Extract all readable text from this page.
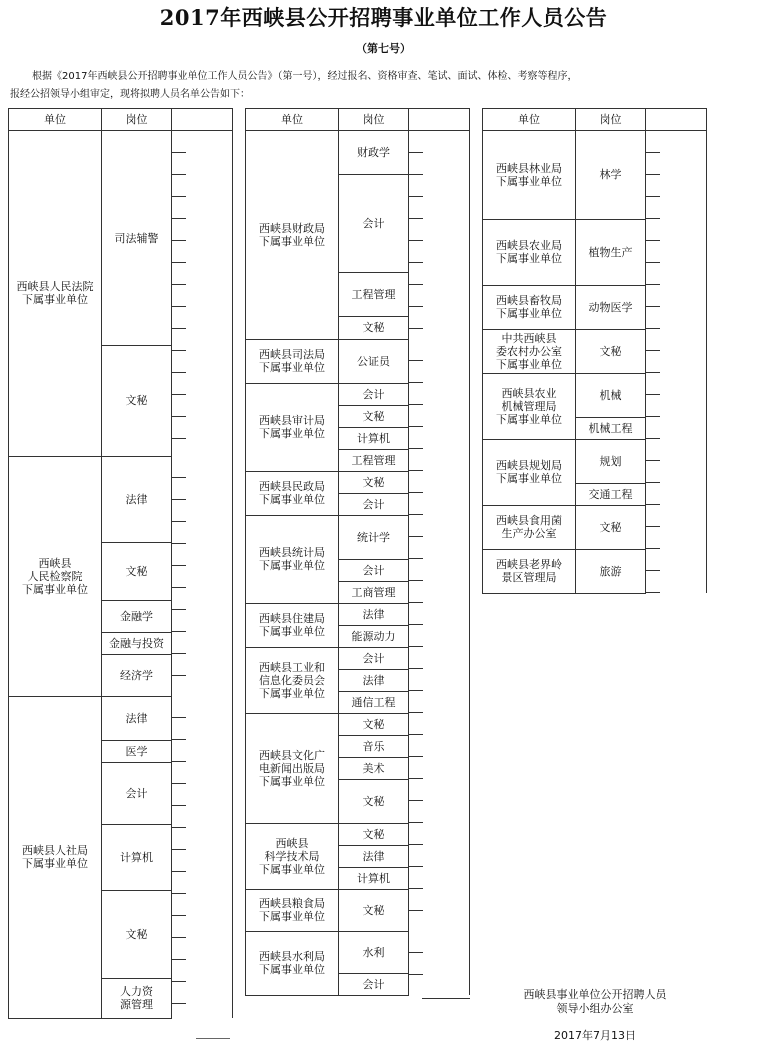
2017年西峡县公开招聘事业单位工作人员公告
（第七号）
根据《2017年西峡县公开招聘事业单位工作人员公告》（第一号），经过报名、资格审查、笔试、面试、体检、考察等程序，
报经公招领导小组审定，现将拟聘人员名单公告如下：
单位	岗位	
西峡县人民法院
下属事业单位	司法辅警	
	文秘	
西峡县
人民检察院
下属事业单位	法律	
	文秘	
	金融学	
	金融与投资	
	经济学	
西峡县人社局
下属事业单位	法律	
	医学	
	会计	
	计算机	
	文秘	
	人力资
源管理	
单位	岗位	
西峡县财政局
下属事业单位	财政学	
	会计	
	工程管理	
	文秘	
西峡县司法局
下属事业单位	公证员	
西峡县审计局
下属事业单位	会计	
	文秘	
	计算机	
	工程管理	
西峡县民政局
下属事业单位	文秘	
	会计	
西峡县统计局
下属事业单位	统计学	
	会计	
	工商管理	
西峡县住建局
下属事业单位	法律	
	能源动力	
西峡县工业和
信息化委员会
下属事业单位	会计	
	法律	
	通信工程	
西峡县文化广
电新闻出版局
下属事业单位	文秘	
	音乐	
	美术	
	文秘	
西峡县
科学技术局
下属事业单位	文秘	
	法律	
	计算机	
西峡县粮食局
下属事业单位	文秘	
西峡县水利局
下属事业单位	水利	
	会计	
单位	岗位	
西峡县林业局
下属事业单位	林学	
西峡县农业局
下属事业单位	植物生产	
西峡县畜牧局
下属事业单位	动物医学	
中共西峡县
委农村办公室
下属事业单位	文秘	
西峡县农业
机械管理局
下属事业单位	机械	
	机械工程	
西峡县规划局
下属事业单位	规划	
	交通工程	
西峡县食用菌
生产办公室	文秘	
西峡县老界岭
景区管理局	旅游	
西峡县事业单位公开招聘人员
领导小组办公室
2017年7月13日
